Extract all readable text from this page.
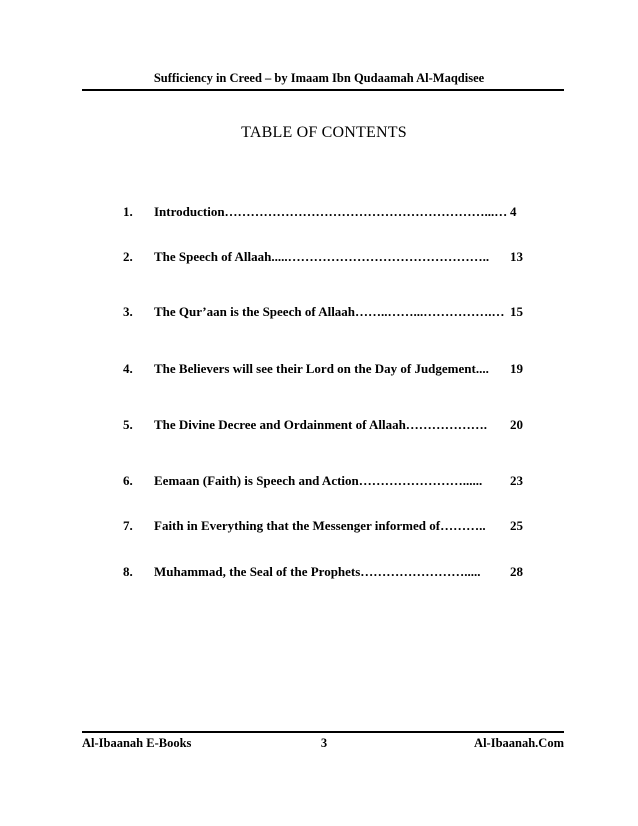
Sufficiency in Creed – by Imaam Ibn Qudaamah Al-Maqdisee
TABLE OF CONTENTS
1. Introduction……………………………………………………...… 4
2. The Speech of Allaah.....……………………………………….. 13
3. The Qur’aan is the Speech of Allaah……..……...…………….… 15
4. The Believers will see their Lord on the Day of Judgement.... 19
5. The Divine Decree and Ordainment of Allaah………………. 20
6. Eemaan (Faith) is Speech and Action……………………...... 23
7. Faith in Everything that the Messenger informed of……….. 25
8. Muhammad, the Seal of the Prophets……………………..... 28
Al-Ibaanah E-Books	3	Al-Ibaanah.Com
